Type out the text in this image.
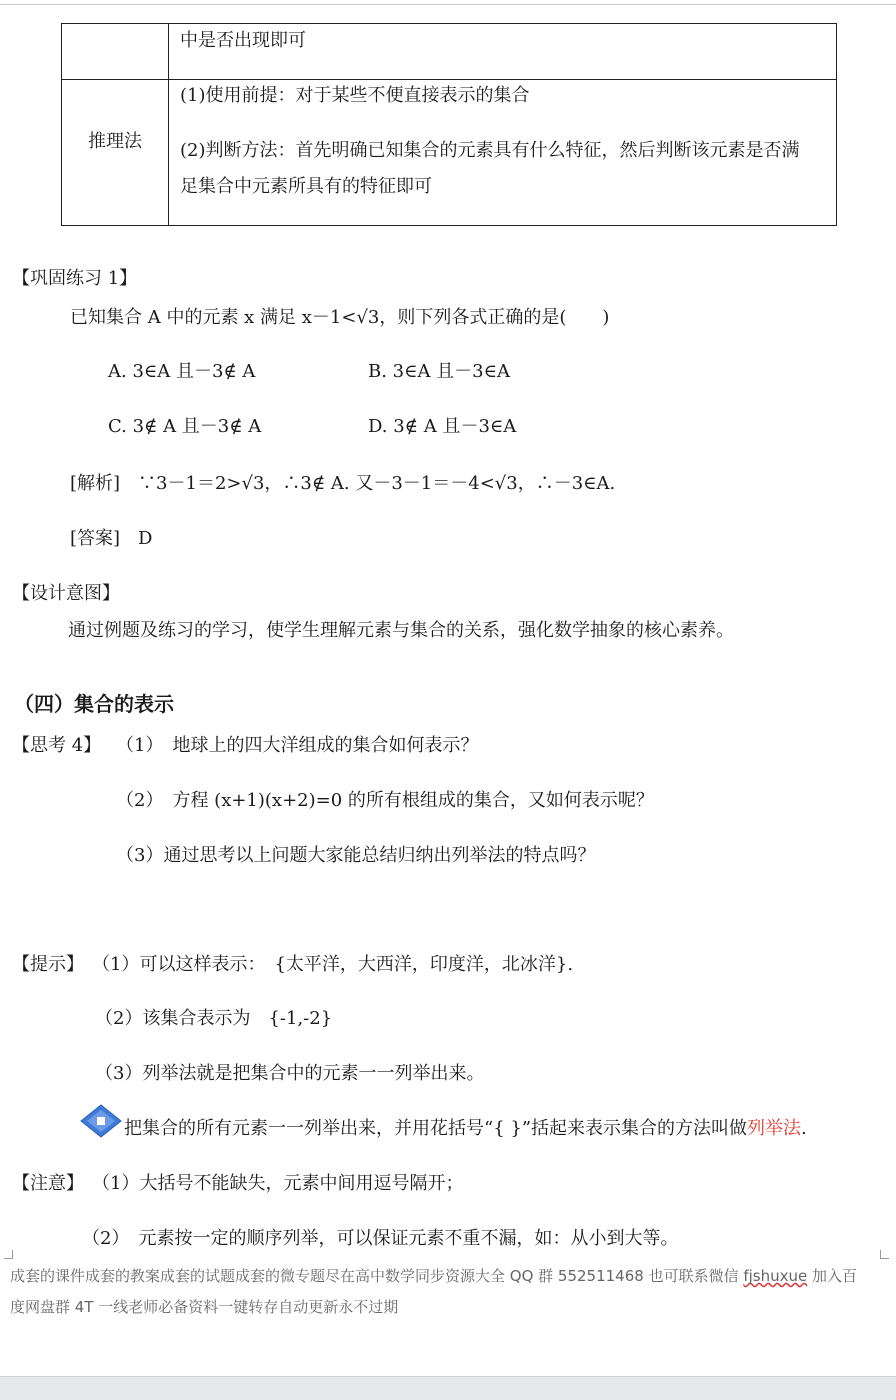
中是否出现即可
推理法
(1)使用前提：对于某些不便直接表示的集合
(2)判断方法：首先明确已知集合的元素具有什么特征，然后判断该元素是否满
足集合中元素所具有的特征即可
【巩固练习 1】
已知集合 A 中的元素 x 满足 x－1<√3，则下列各式正确的是(　　)
A. 3∈A 且－3∉ A	B. 3∈A 且－3∈A
C. 3∉ A 且－3∉ A	D. 3∉ A 且－3∈A
[解析]　∵3－1＝2>√3，∴3∉ A. 又－3－1＝－4<√3，∴－3∈A.
[答案]　D
【设计意图】
通过例题及练习的学习，使学生理解元素与集合的关系，强化数学抽象的核心素养。
（四）集合的表示
【思考 4】 （1）　地球上的四大洋组成的集合如何表示？
（2）　方程 (x+1)(x+2)=0 的所有根组成的集合，又如何表示呢？
（3）通过思考以上问题大家能总结归纳出列举法的特点吗？
【提示】 （1）可以这样表示：　{太平洋，大西洋，印度洋，北冰洋}.
（2）该集合表示为　{-1,-2}
（3）列举法就是把集合中的元素一一列举出来。
把集合的所有元素一一列举出来，并用花括号“{ }”括起来表示集合的方法叫做列举法.
【注意】 （1）大括号不能缺失，元素中间用逗号隔开；
（2）　元素按一定的顺序列举，可以保证元素不重不漏，如：从小到大等。
成套的课件成套的教案成套的试题成套的微专题尽在高中数学同步资源大全 QQ 群 552511468 也可联系微信 fjshuxue 加入百
度网盘群 4T 一线老师必备资料一键转存自动更新永不过期
